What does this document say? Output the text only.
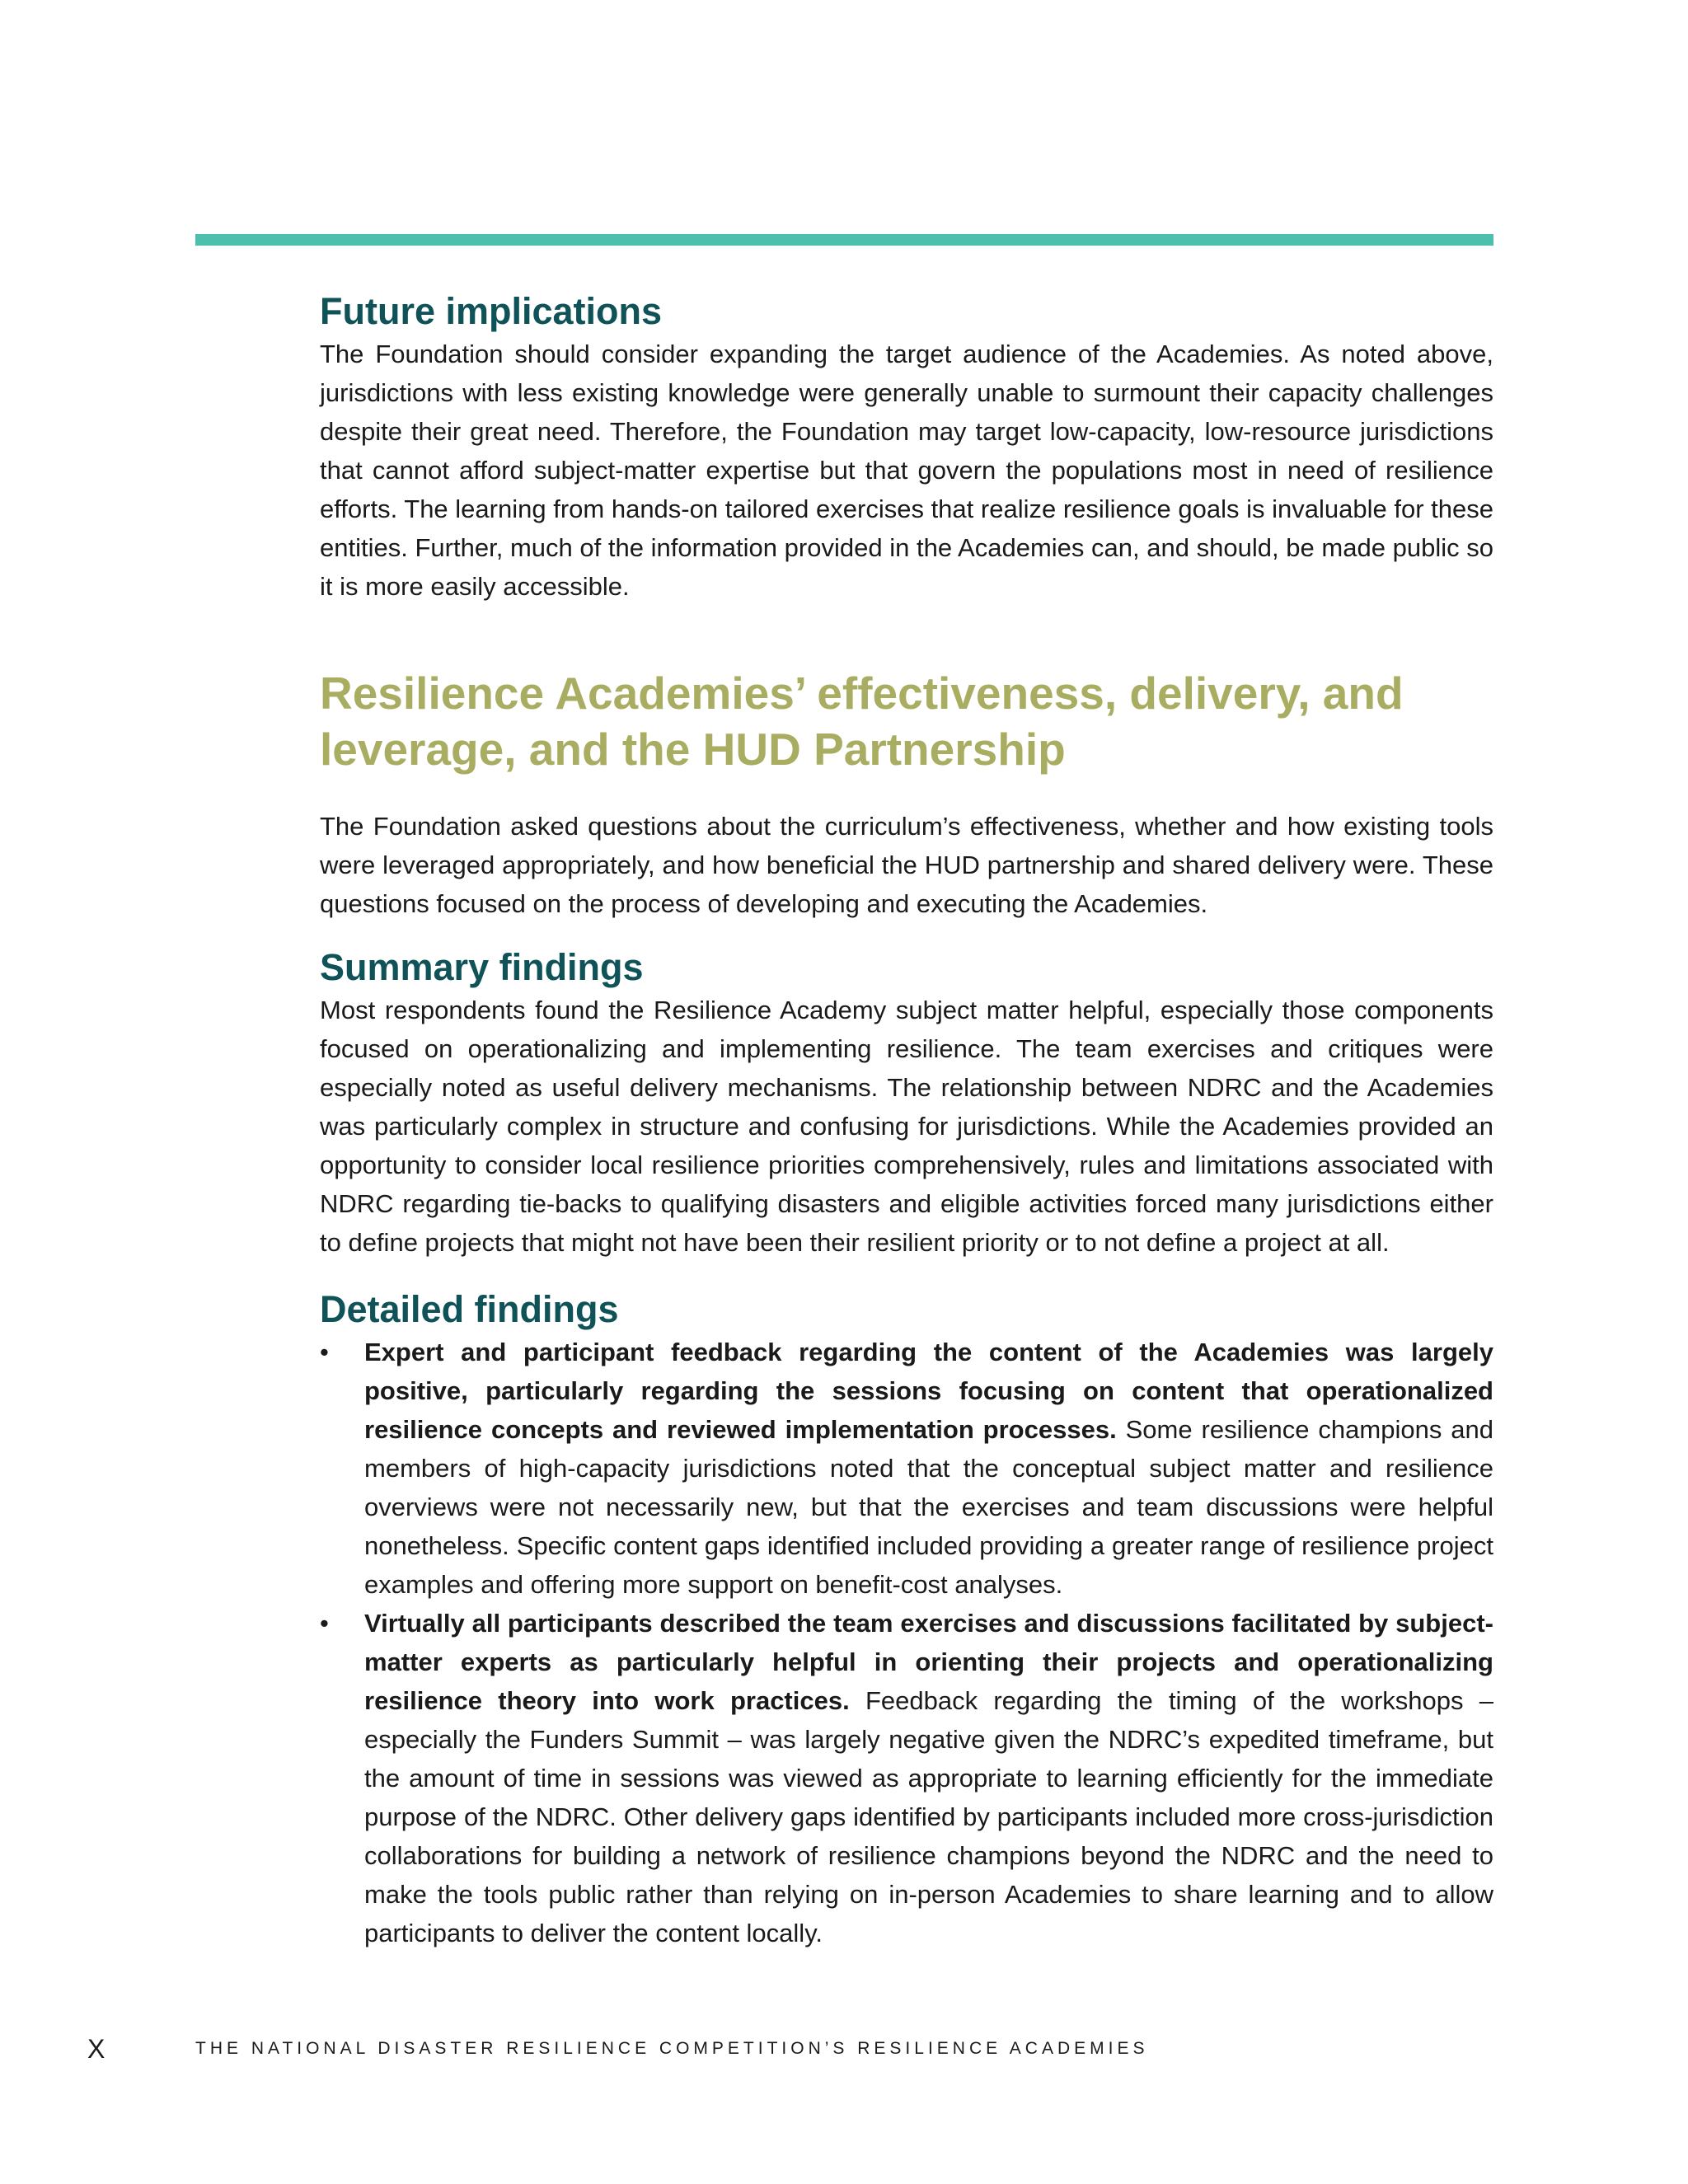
Future implications

The Foundation should consider expanding the target audience of the Academies. As noted above, jurisdictions with less existing knowledge were generally unable to surmount their capacity challenges despite their great need. Therefore, the Foundation may target low-capacity, low-resource jurisdictions that cannot afford subject-matter expertise but that govern the populations most in need of resilience efforts. The learning from hands-on tailored exercises that realize resilience goals is invaluable for these entities. Further, much of the information provided in the Academies can, and should, be made public so it is more easily accessible.

Resilience Academies’ effectiveness, delivery, and leverage, and the HUD Partnership

The Foundation asked questions about the curriculum’s effectiveness, whether and how existing tools were leveraged appropriately, and how beneficial the HUD partnership and shared delivery were. These questions focused on the process of developing and executing the Academies.

Summary findings

Most respondents found the Resilience Academy subject matter helpful, especially those components focused on operationalizing and implementing resilience. The team exercises and critiques were especially noted as useful delivery mechanisms. The relationship between NDRC and the Academies was particularly complex in structure and confusing for jurisdictions. While the Academies provided an opportunity to consider local resilience priorities comprehensively, rules and limitations associated with NDRC regarding tie-backs to qualifying disasters and eligible activities forced many jurisdictions either to define projects that might not have been their resilient priority or to not define a project at all.

Detailed findings
• Expert and participant feedback regarding the content of the Academies was largely positive, particularly regarding the sessions focusing on content that operationalized resilience concepts and reviewed implementation processes. Some resilience champions and members of high-capacity jurisdictions noted that the conceptual subject matter and resilience overviews were not necessarily new, but that the exercises and team discussions were helpful nonetheless. Specific content gaps identified included providing a greater range of resilience project examples and offering more support on benefit-cost analyses.
• Virtually all participants described the team exercises and discussions facilitated by subject-matter experts as particularly helpful in orienting their projects and operationalizing resilience theory into work practices. Feedback regarding the timing of the workshops – especially the Funders Summit – was largely negative given the NDRC’s expedited timeframe, but the amount of time in sessions was viewed as appropriate to learning efficiently for the immediate purpose of the NDRC. Other delivery gaps identified by participants included more cross-jurisdiction collaborations for building a network of resilience champions beyond the NDRC and the need to make the tools public rather than relying on in-person Academies to share learning and to allow participants to deliver the content locally.
X	THE NATIONAL DISASTER RESILIENCE COMPETITION’S RESILIENCE ACADEMIES
